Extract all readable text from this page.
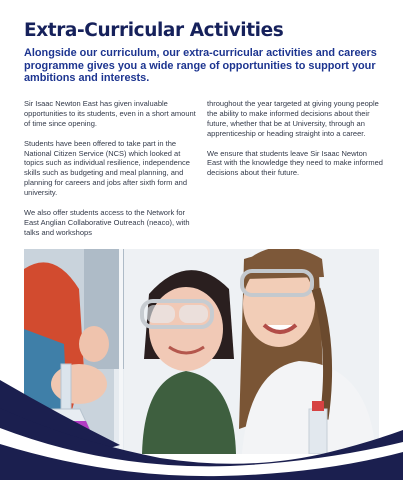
Extra-Curricular Activities

Alongside our curriculum, our extra-curricular activities and careers programme gives you a wide range of opportunities to support your ambitions and interests.

Sir Isaac Newton East has given invaluable opportunities to its students, even in a short amount of time since opening.

Students have been offered to take part in the National Citizen Service (NCS) which looked at topics such as individual resilience, independence skills such as budgeting and meal planning, and planning for careers and jobs after sixth form and university.

We also offer students access to the Network for East Anglian Collaborative Outreach (neaco), with talks and workshops

throughout the year targeted at giving young people the ability to make informed decisions about their future, whether that be at University, through an apprenticeship or heading straight into a career.

We ensure that students leave Sir Isaac Newton East with the knowledge they need to make informed decisions about their future.
